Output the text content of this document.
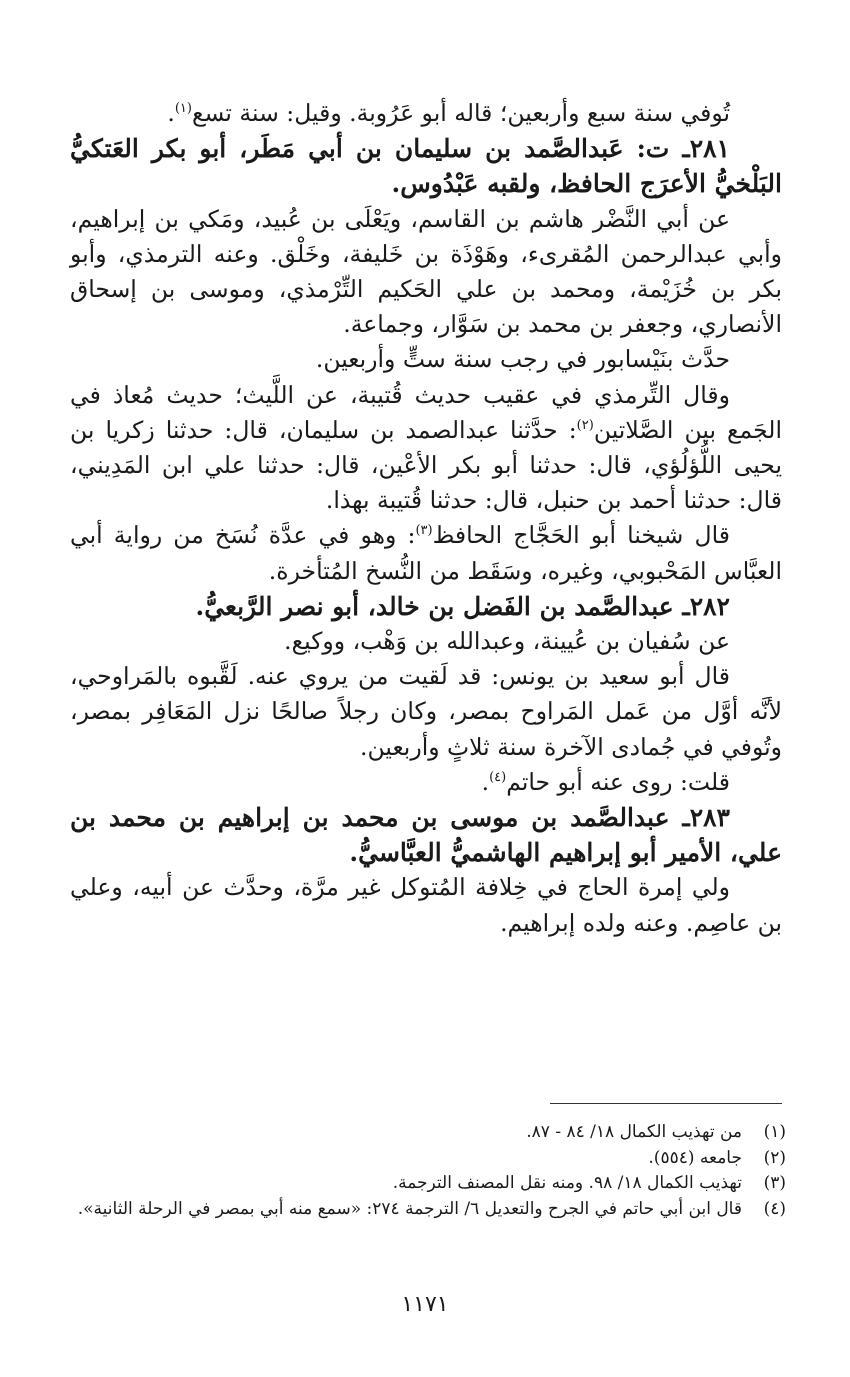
تُوفي سنة سبع وأربعين؛ قاله أبو عَرُوبة. وقيل: سنة تسع$^{(١)}$.

٢٨١ـ ت: عَبدالصَّمد بن سليمان بن أبي مَطَر، أبو بكر العَتكيُّ البَلْخيُّ الأعرَج الحافظ، ولقبه عَبْدُوس.

عن أبي النَّضْر هاشم بن القاسم، ويَعْلَى بن عُبيد، ومَكي بن إبراهيم، وأبي عبدالرحمن المُقرىء، وهَوْذَة بن خَليفة، وخَلْق. وعنه الترمذي، وأبو بكر بن خُزَيْمة، ومحمد بن علي الحَكيم التِّرْمذي، وموسى بن إسحاق الأنصاري، وجعفر بن محمد بن سَوَّار، وجماعة.

حدَّث بنَيْسابور في رجب سنة ستٍّ وأربعين.

وقال التِّرمذي في عقيب حديث قُتيبة، عن اللَّيث؛ حديث مُعاذ في الجَمع بين الصَّلاتين$^{(٢)}$: حدَّثنا عبدالصمد بن سليمان، قال: حدثنا زكريا بن يحيى اللُّؤلُؤي، قال: حدثنا أبو بكر الأعْين، قال: حدثنا علي ابن المَدِيني، قال: حدثنا أحمد بن حنبل، قال: حدثنا قُتيبة بهذا.

قال شيخنا أبو الحَجَّاج الحافظ$^{(٣)}$: وهو في عدَّة نُسَخ من رواية أبي العبَّاس المَحْبوبي، وغيره، وسَقَط من النُّسخ المُتأخرة.

٢٨٢ـ عبدالصَّمد بن الفَضل بن خالد، أبو نصر الرَّبعيُّ.

عن سُفيان بن عُيينة، وعبدالله بن وَهْب، ووكيع.

قال أبو سعيد بن يونس: قد لَقيت من يروي عنه. لَقَّبوه بالمَراوحي، لأنَّه أوَّل من عَمل المَراوح بمصر، وكان رجلاً صالحًا نزل المَعَافِر بمصر، وتُوفي في جُمادى الآخرة سنة ثلاثٍ وأربعين.

قلت: روى عنه أبو حاتم$^{(٤)}$.

٢٨٣ـ عبدالصَّمد بن موسى بن محمد بن إبراهيم بن محمد بن علي، الأمير أبو إبراهيم الهاشميُّ العبَّاسيُّ.

ولي إمرة الحاج في خِلافة المُتوكل غير مرَّة، وحدَّث عن أبيه، وعلي بن عاصِم. وعنه ولده إبراهيم.

(١)
من تهذيب الكمال ١٨/ ٨٤ - ٨٧.
(٢)
جامعه (٥٥٤).
(٣)
تهذيب الكمال ١٨/ ٩٨. ومنه نقل المصنف الترجمة.
(٤)
قال ابن أبي حاتم في الجرح والتعديل ٦/ الترجمة ٢٧٤: «سمع منه أبي بمصر في الرحلة الثانية».
١١٧١
